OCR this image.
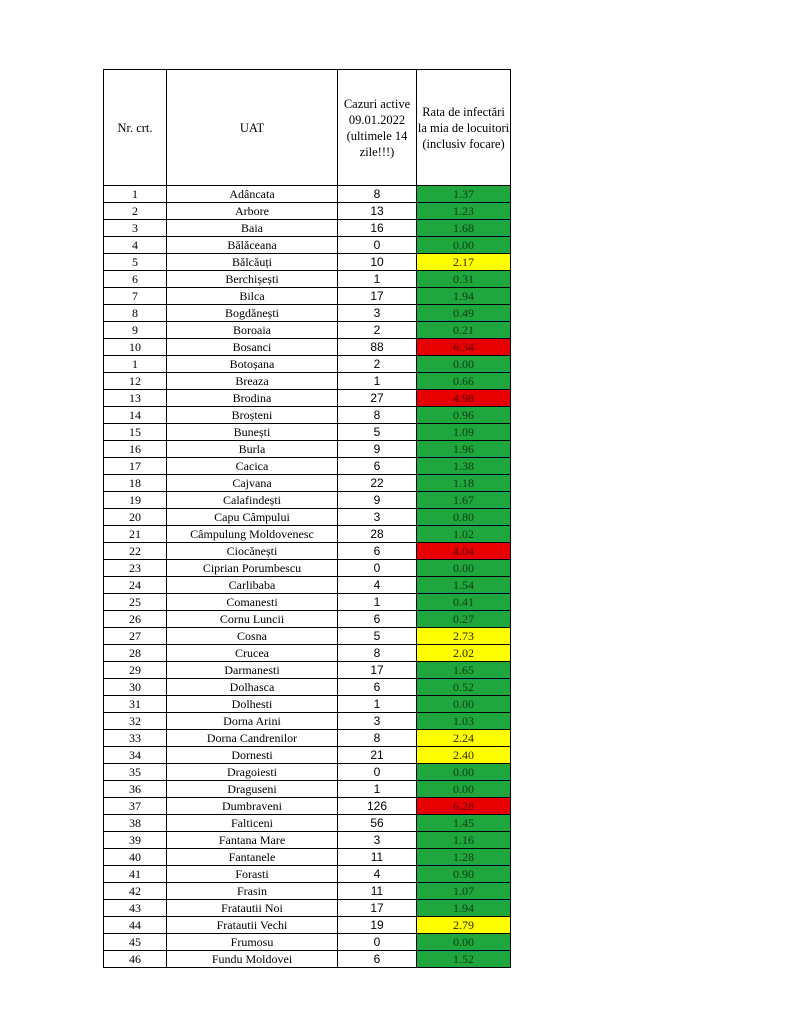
Nr. crt.	UAT	Cazuri active 09.01.2022 (ultimele 14 zile!!!)	Rata de infectări la mia de locuitori (inclusiv focare)
1	Adâncata	8	1.37
2	Arbore	13	1.23
3	Baia	16	1.68
4	Bălăceana	0	0.00
5	Bălcăuți	10	2.17
6	Berchișești	1	0.31
7	Bilca	17	1.94
8	Bogdănești	3	0.49
9	Boroaia	2	0.21
10	Bosanci	88	6.34
1	Botoșana	2	0.00
12	Breaza	1	0.66
13	Brodina	27	4.98
14	Broșteni	8	0.96
15	Bunești	5	1.09
16	Burla	9	1.96
17	Cacica	6	1.38
18	Cajvana	22	1.18
19	Calafindești	9	1.67
20	Capu Câmpului	3	0.80
21	Câmpulung Moldovenesc	28	1.02
22	Ciocănești	6	4.04
23	Ciprian Porumbescu	0	0.00
24	Carlibaba	4	1.54
25	Comanesti	1	0.41
26	Cornu Luncii	6	0.27
27	Cosna	5	2.73
28	Crucea	8	2.02
29	Darmanesti	17	1.65
30	Dolhasca	6	0.52
31	Dolhesti	1	0.00
32	Dorna Arini	3	1.03
33	Dorna Candrenilor	8	2.24
34	Dornesti	21	2.40
35	Dragoiesti	0	0.00
36	Draguseni	1	0.00
37	Dumbraveni	126	6.28
38	Falticeni	56	1.45
39	Fantana Mare	3	1.16
40	Fantanele	11	1.28
41	Forasti	4	0.90
42	Frasin	11	1.07
43	Fratautii Noi	17	1.94
44	Fratautii Vechi	19	2.79
45	Frumosu	0	0.00
46	Fundu Moldovei	6	1.52
